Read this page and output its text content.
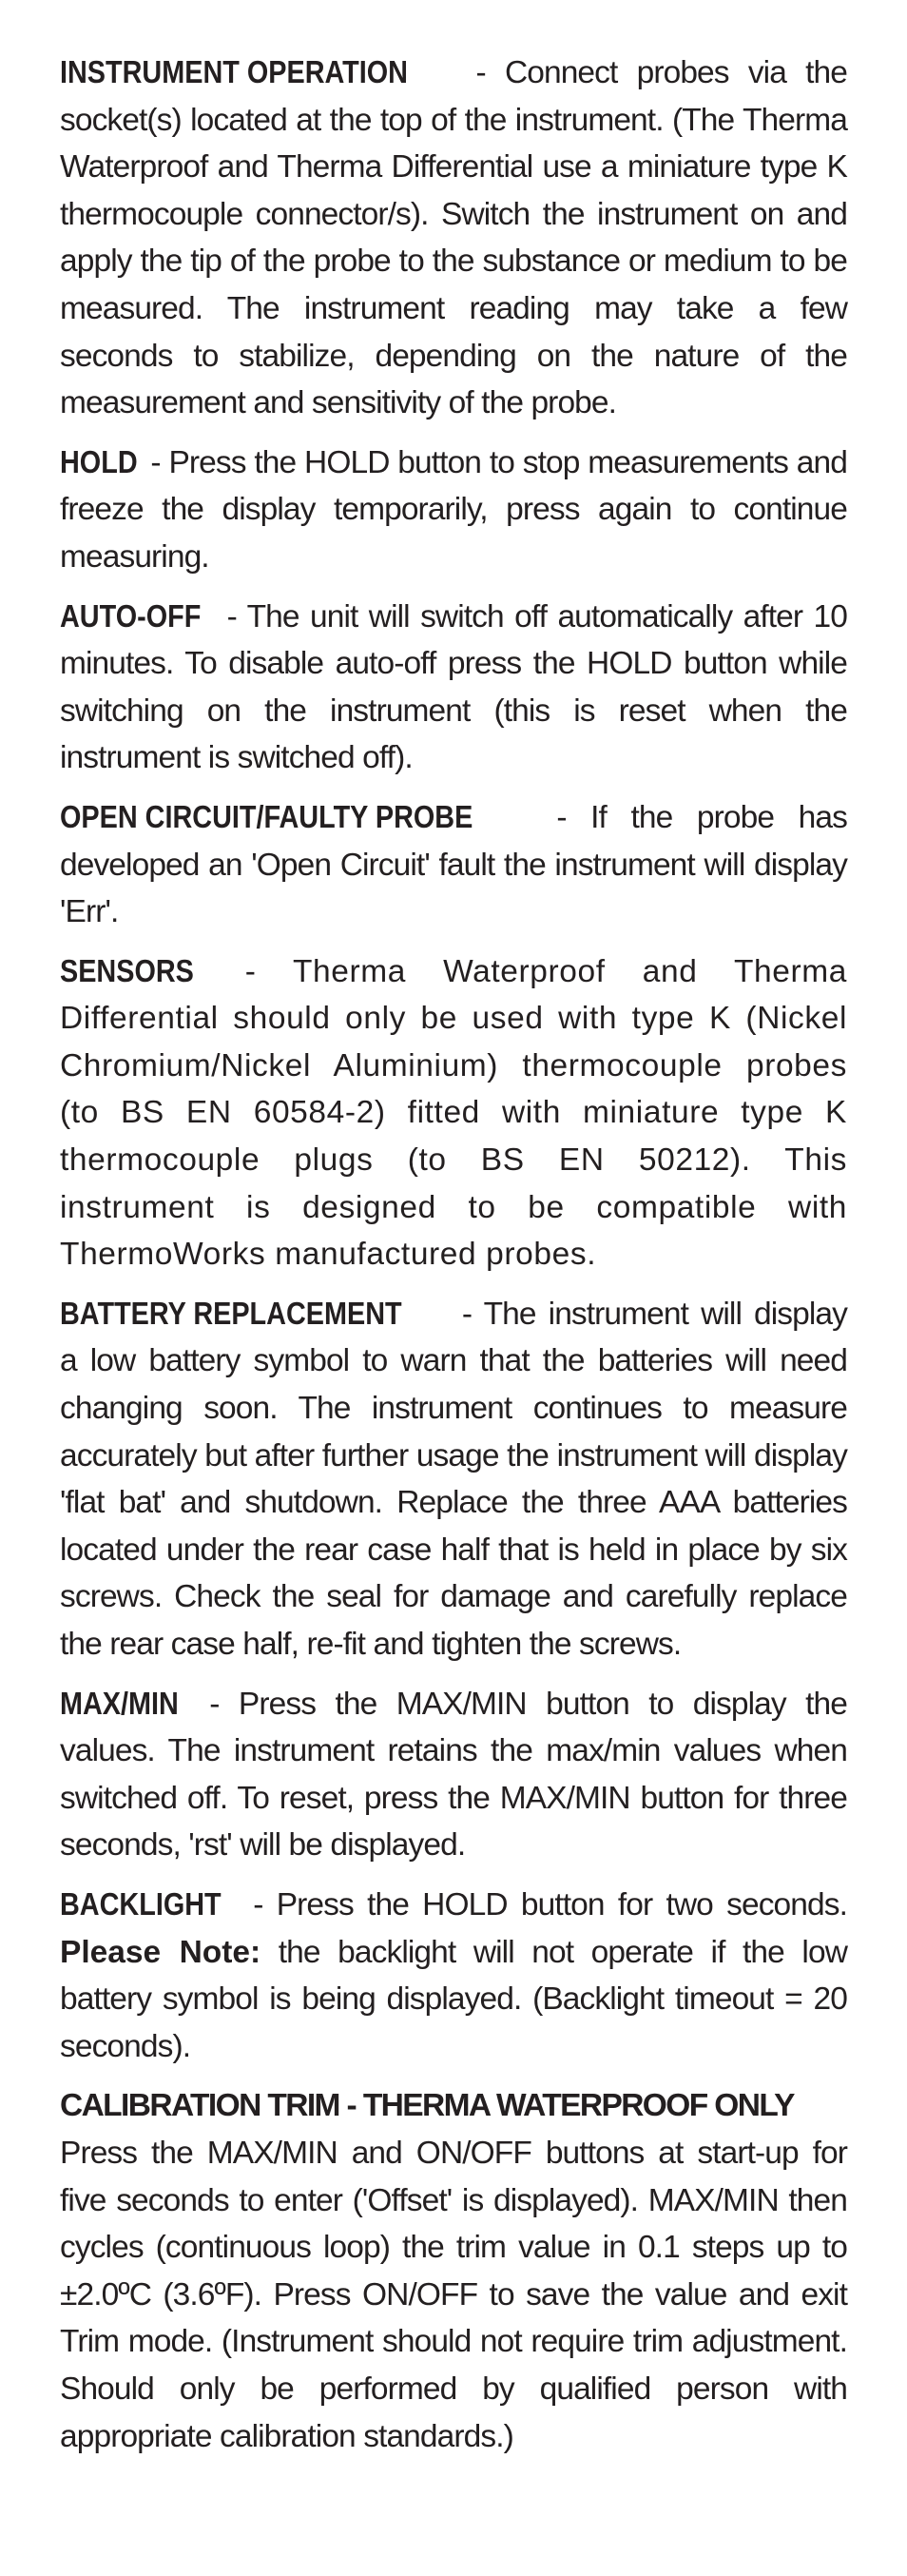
INSTRUMENT OPERATION - Connect probes via the socket(s) located at the top of the instrument. (The Therma Waterproof and Therma Differential use a miniature type K thermocouple connector/s). Switch the instrument on and apply the tip of the probe to the substance or medium to be measured. The instrument reading may take a few seconds to stabilize, depending on the nature of the measurement and sensitivity of the probe.

HOLD - Press the HOLD button to stop measurements and freeze the display temporarily, press again to continue measuring.

AUTO-OFF - The unit will switch off automatically after 10 minutes. To disable auto-off press the HOLD button while switching on the instrument (this is reset when the instrument is switched off).

OPEN CIRCUIT/FAULTY PROBE - If the probe has developed an 'Open Circuit' fault the instrument will display 'Err'.

SENSORS - Therma Waterproof and Therma Differential should only be used with type K (Nickel Chromium/Nickel Aluminium) thermocouple probes (to BS EN 60584-2) fitted with miniature type K thermocouple plugs (to BS EN 50212). This instrument is designed to be compatible with ThermoWorks manufactured probes.

BATTERY REPLACEMENT - The instrument will display a low battery symbol to warn that the batteries will need changing soon. The instrument continues to measure accurately but after further usage the instrument will display 'flat bat' and shutdown. Replace the three AAA batteries located under the rear case half that is held in place by six screws. Check the seal for damage and carefully replace the rear case half, re-fit and tighten the screws.

MAX/MIN - Press the MAX/MIN button to display the values. The instrument retains the max/min values when switched off. To reset, press the MAX/MIN button for three seconds, 'rst' will be displayed.

BACKLIGHT - Press the HOLD button for two seconds. Please Note: the backlight will not operate if the low battery symbol is being displayed. (Backlight timeout = 20 seconds).

CALIBRATION TRIM - THERMA WATERPROOF ONLY
Press the MAX/MIN and ON/OFF buttons at start-up for five seconds to enter ('Offset' is displayed). MAX/MIN then cycles (continuous loop) the trim value in 0.1 steps up to ±2.0ºC (3.6ºF). Press ON/OFF to save the value and exit Trim mode. (Instrument should not require trim adjustment. Should only be performed by qualified person with appropriate calibration standards.)
